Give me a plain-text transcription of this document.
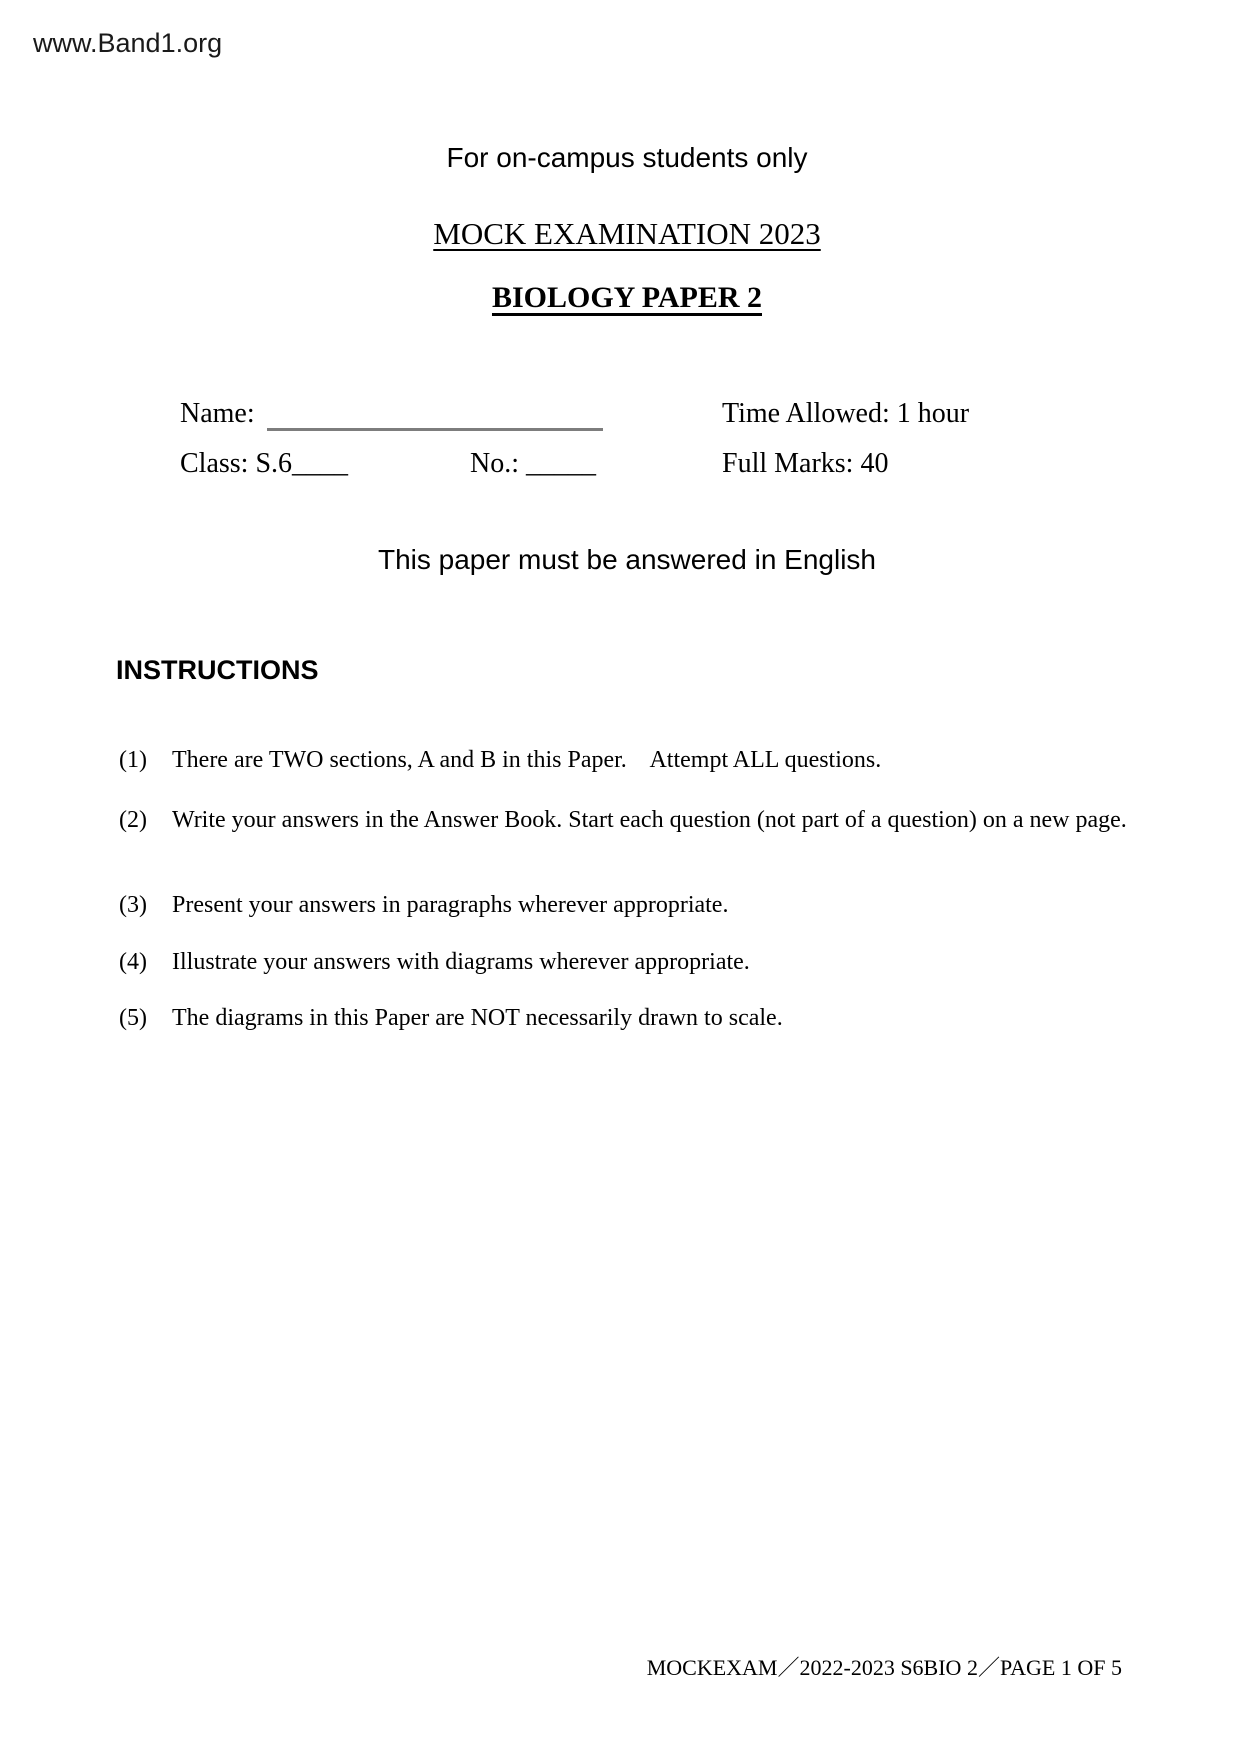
www.Band1.org
For on-campus students only
MOCK EXAMINATION 2023
BIOLOGY PAPER 2
Name:	Time Allowed: 1 hour
Class: S.6____	No.: _____	Full Marks: 40
This paper must be answered in English
INSTRUCTIONS
(1)	There are TWO sections, A and B in this Paper.    Attempt ALL questions.
(2)	Write your answers in the Answer Book. Start each question (not part of a question) on a new page.
(3)	Present your answers in paragraphs wherever appropriate.
(4)	Illustrate your answers with diagrams wherever appropriate.
(5)	The diagrams in this Paper are NOT necessarily drawn to scale.
MOCKEXAM／2022-2023 S6BIO 2／PAGE 1 OF 5
